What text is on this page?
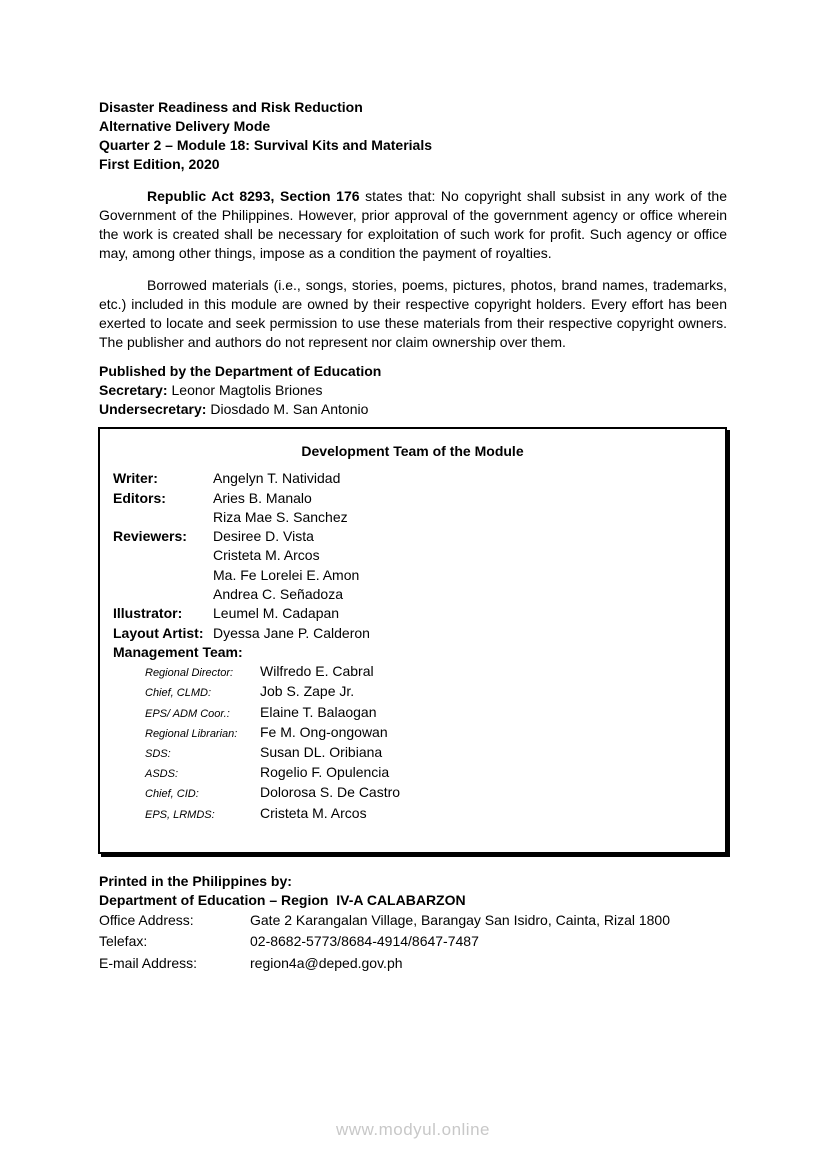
Disaster Readiness and Risk Reduction
Alternative Delivery Mode
Quarter 2 – Module 18: Survival Kits and Materials
First Edition, 2020

Republic Act 8293, Section 176 states that: No copyright shall subsist in any work of the Government of the Philippines. However, prior approval of the government agency or office wherein the work is created shall be necessary for exploitation of such work for profit. Such agency or office may, among other things, impose as a condition the payment of royalties.

Borrowed materials (i.e., songs, stories, poems, pictures, photos, brand names, trademarks, etc.) included in this module are owned by their respective copyright holders. Every effort has been exerted to locate and seek permission to use these materials from their respective copyright owners. The publisher and authors do not represent nor claim ownership over them.

Published by the Department of Education
Secretary: Leonor Magtolis Briones
Undersecretary: Diosdado M. San Antonio
Development Team of the Module
Writer:	Angelyn T. Natividad
Editors:	Aries B. Manalo
Riza Mae S. Sanchez
Reviewers:	Desiree D. Vista
Cristeta M. Arcos
Ma. Fe Lorelei E. Amon
Andrea C. Señadoza
Illustrator:	Leumel M. Cadapan
Layout Artist: Dyessa Jane P. Calderon
Management Team:
Regional Director:	Wilfredo E. Cabral
Chief, CLMD:	Job S. Zape Jr.
EPS/ ADM Coor.:	Elaine T. Balaogan
Regional Librarian:	Fe M. Ong-ongowan
SDS:	Susan DL. Oribiana
ASDS:	Rogelio F. Opulencia
Chief, CID:	Dolorosa S. De Castro
EPS, LRMDS:	Cristeta M. Arcos
Printed in the Philippines by:
Department of Education – Region  IV-A CALABARZON
Office Address:	Gate 2 Karangalan Village, Barangay San Isidro, Cainta, Rizal 1800
Telefax:	02-8682-5773/8684-4914/8647-7487
E-mail Address:	region4a@deped.gov.ph
www.modyul.online
